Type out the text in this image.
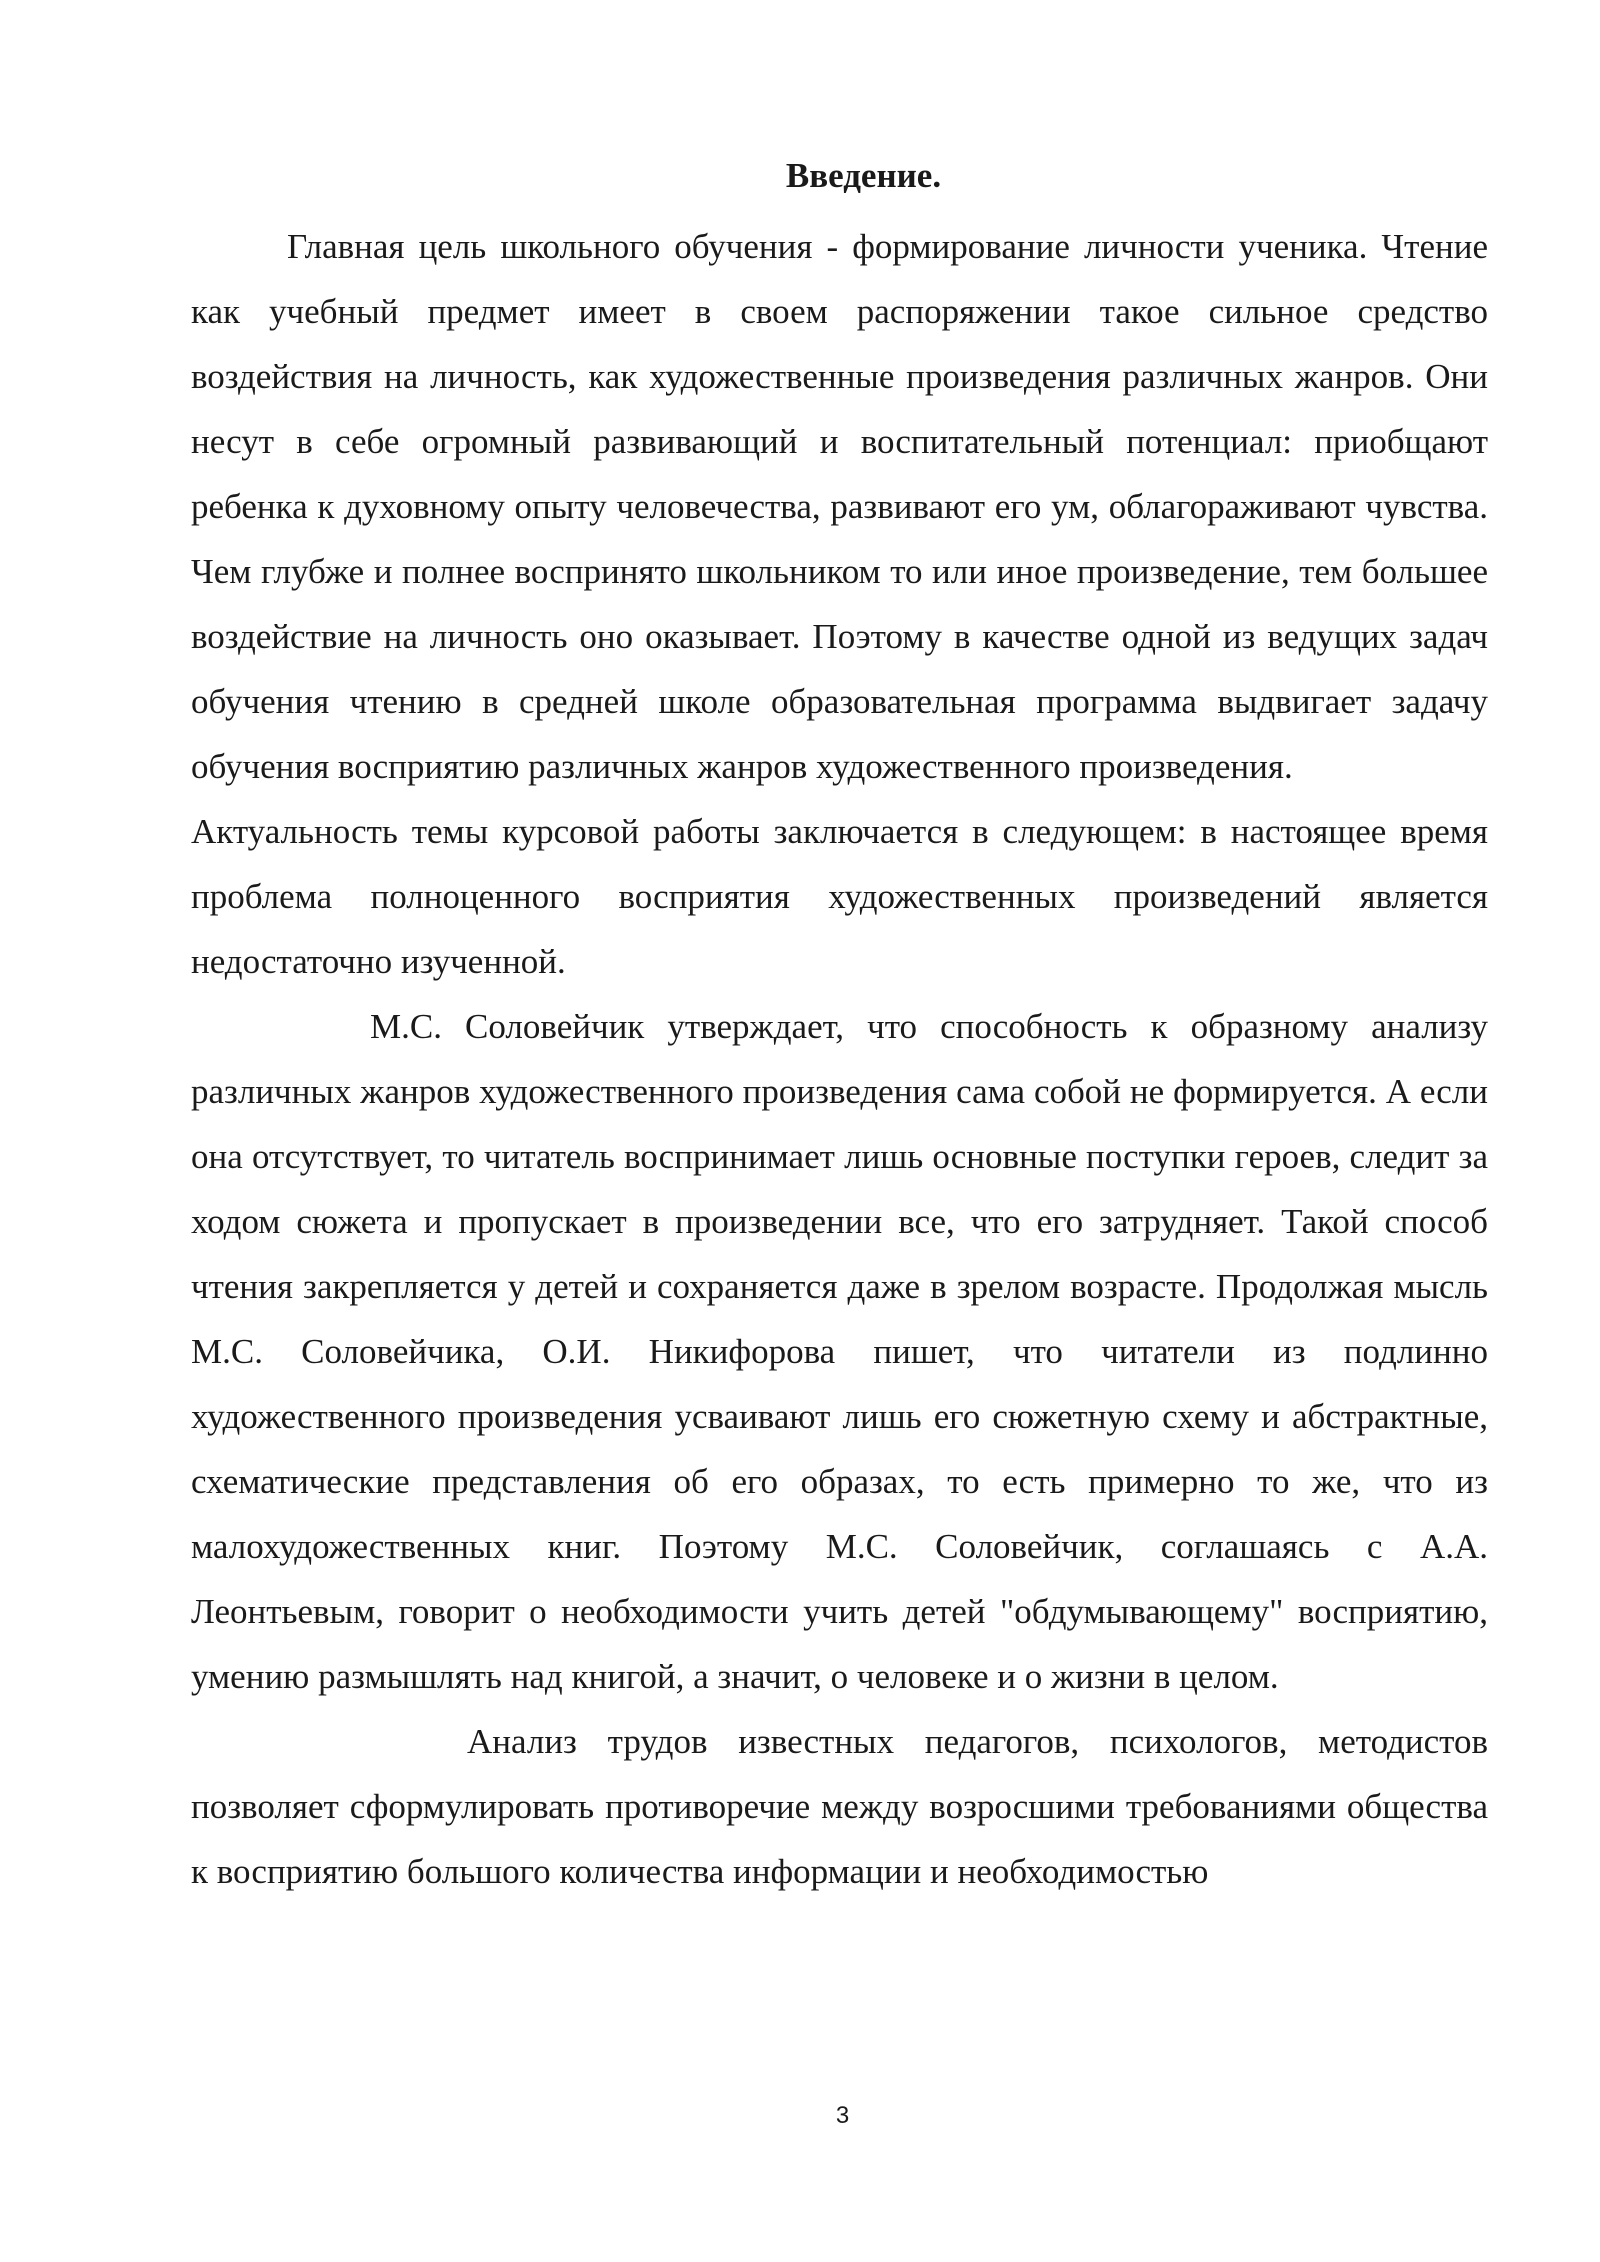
Введение.

Главная цель школьного обучения - формирование личности ученика. Чтение как учебный предмет имеет в своем распоряжении такое сильное средство воздействия на личность, как художественные произведения различных жанров. Они несут в себе огромный развивающий и воспитательный потенциал: приобщают ребенка к духовному опыту человечества, развивают его ум, облагораживают чувства. Чем глубже и полнее воспринято школьником то или иное произведение, тем большее воздействие на личность оно оказывает. Поэтому в качестве одной из ведущих задач обучения чтению в средней школе образовательная программа выдвигает задачу обучения восприятию различных жанров художественного произведения.

Актуальность темы курсовой работы заключается в следующем: в настоящее время проблема полноценного восприятия художественных произведений является недостаточно изученной.

М.С. Соловейчик утверждает, что способность к образному анализу различных жанров художественного произведения сама собой не формируется. А если она отсутствует, то читатель воспринимает лишь основные поступки героев, следит за ходом сюжета и пропускает в произведении все, что его затрудняет. Такой способ чтения закрепляется у детей и сохраняется даже в зрелом возрасте. Продолжая мысль М.С. Соловейчика, О.И. Никифорова пишет, что читатели из подлинно художественного произведения усваивают лишь его сюжетную схему и абстрактные, схематические представления об его образах, то есть примерно то же, что из малохудожественных книг. Поэтому М.С. Соловейчик, соглашаясь с А.А. Леонтьевым, говорит о необходимости учить детей "обдумывающему" восприятию, умению размышлять над книгой, а значит, о человеке и о жизни в целом.

Анализ трудов известных педагогов, психологов, методистов позволяет сформулировать противоречие между возросшими требованиями общества к восприятию большого количества информации и необходимостью

3
